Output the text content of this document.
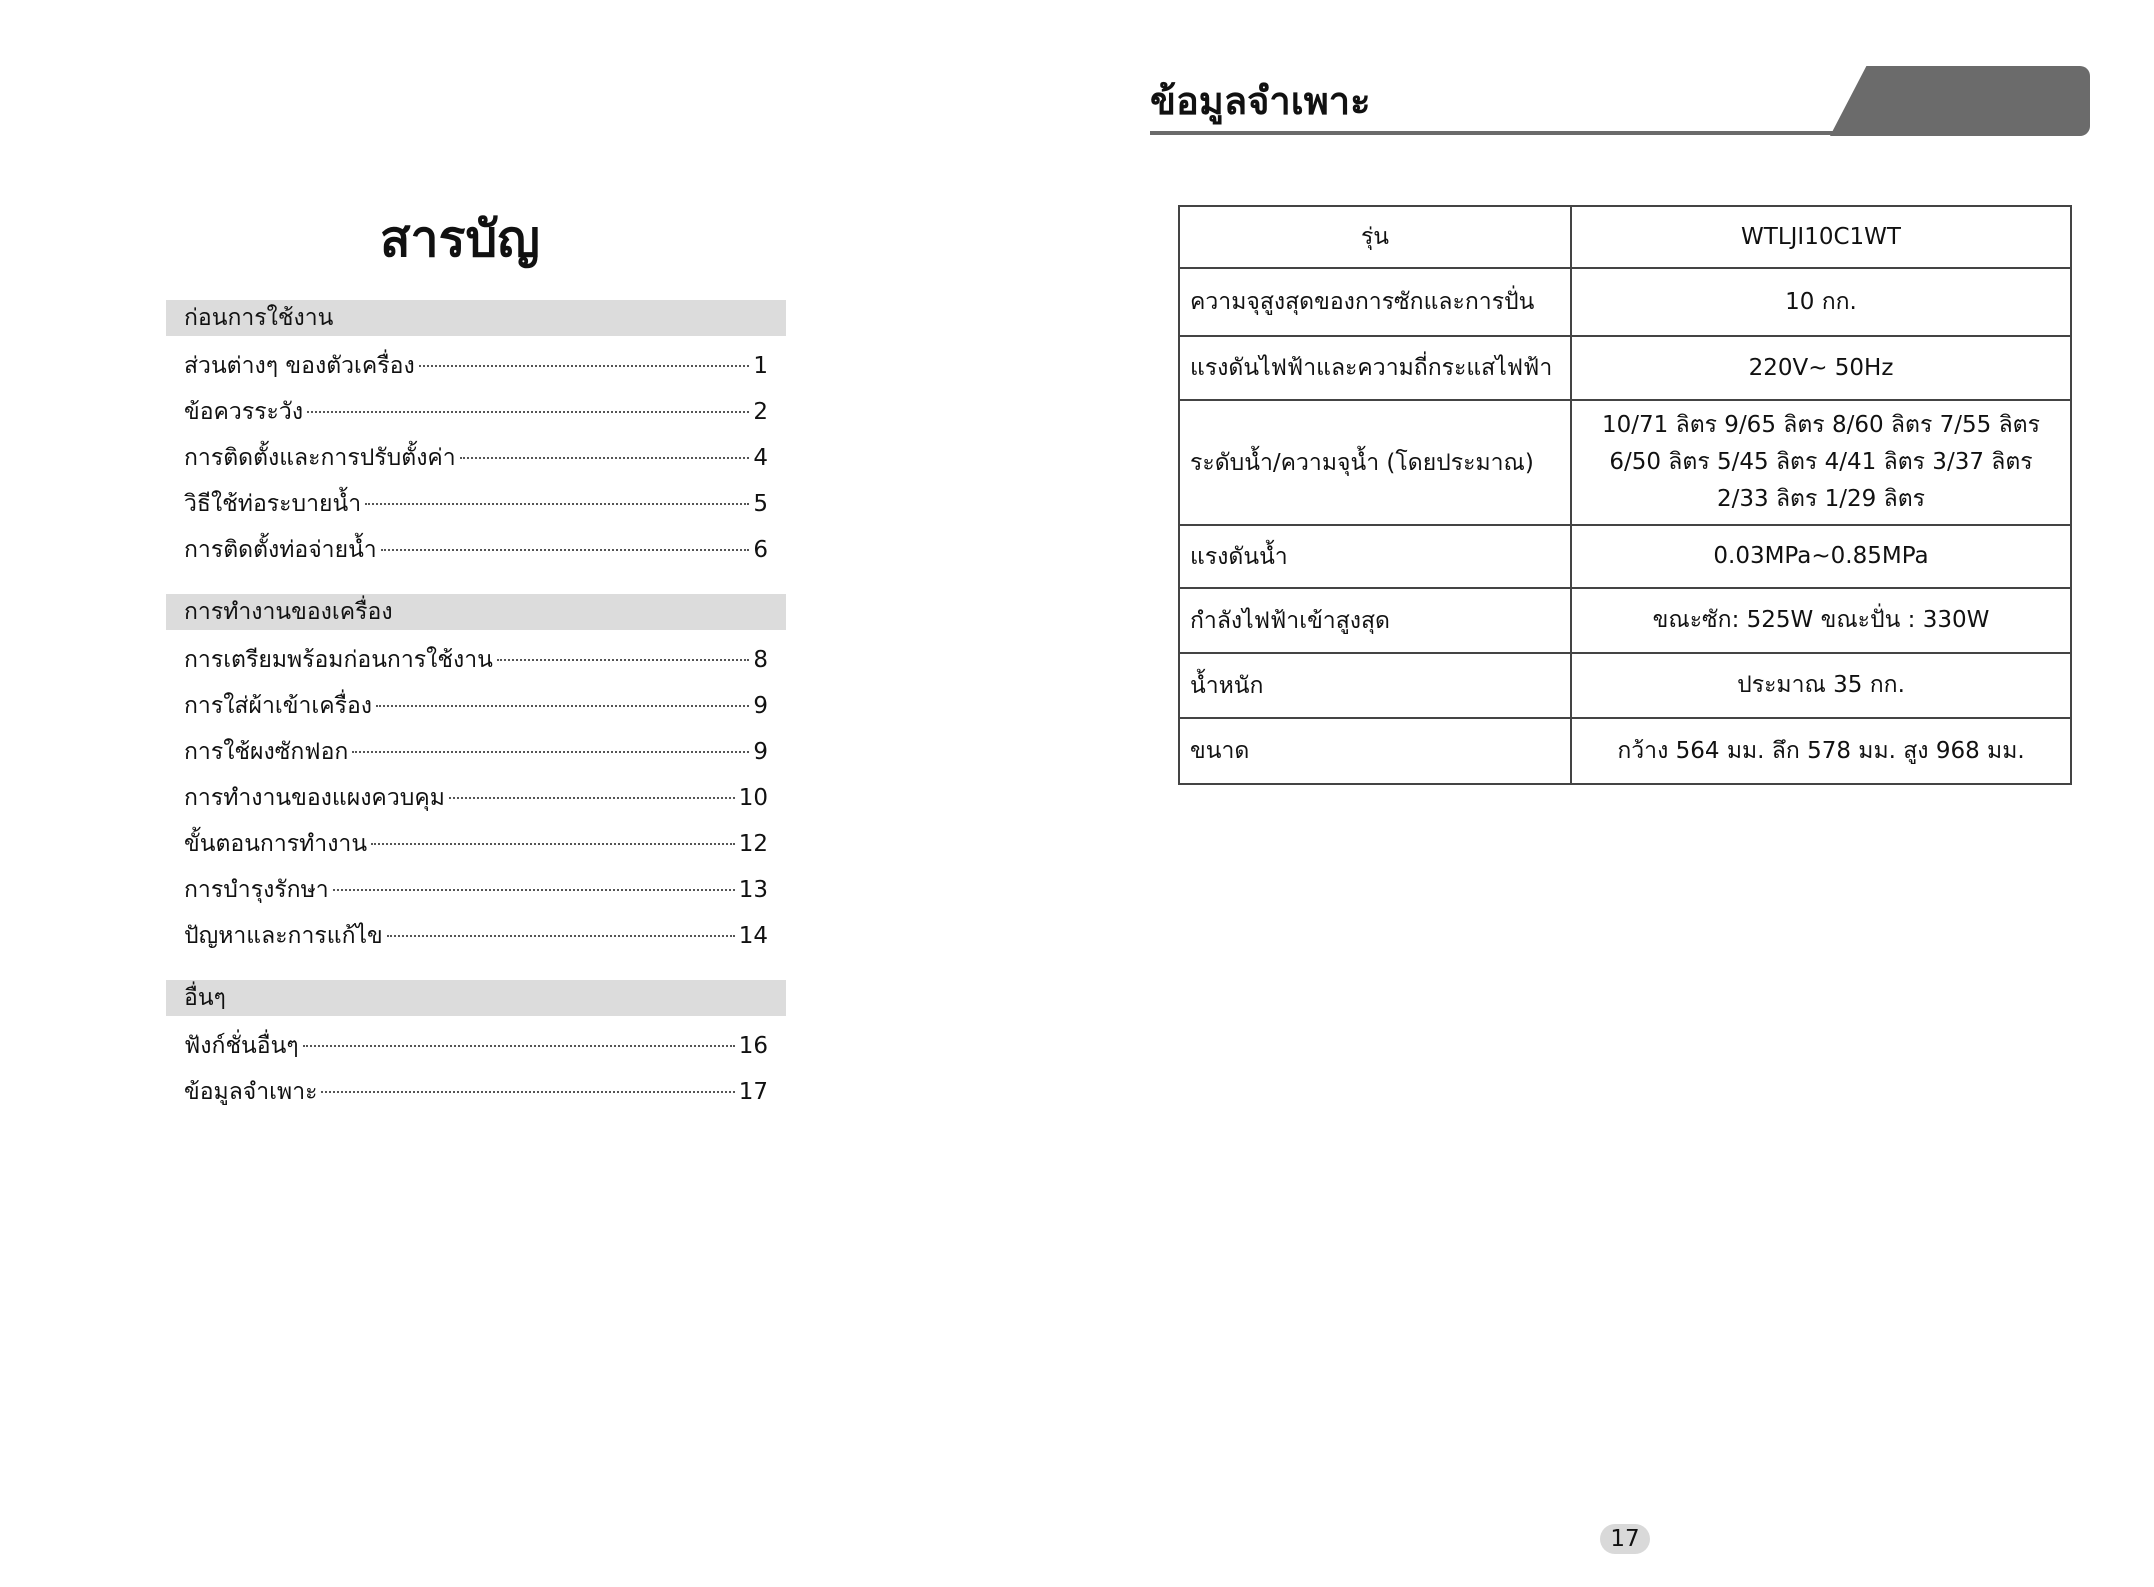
สารบัญ
ก่อนการใช้งาน
ส่วนต่างๆ ของตัวเครื่อง	1
ข้อควรระวัง	2
การติดตั้งและการปรับตั้งค่า	4
วิธีใช้ท่อระบายน้ำ	5
การติดตั้งท่อจ่ายน้ำ	6
การทำงานของเครื่อง
การเตรียมพร้อมก่อนการใช้งาน	8
การใส่ผ้าเข้าเครื่อง	9
การใช้ผงซักฟอก	9
การทำงานของแผงควบคุม	10
ขั้นตอนการทำงาน	12
การบำรุงรักษา	13
ปัญหาและการแก้ไข	14
อื่นๆ
ฟังก์ชั่นอื่นๆ	16
ข้อมูลจำเพาะ	17
ข้อมูลจำเพาะ
รุ่น	WTLJI10C1WT
ความจุสูงสุดของการซักและการปั่น	10 กก.
แรงดันไฟฟ้าและความถี่กระแสไฟฟ้า	220V~ 50Hz
ระดับน้ำ/ความจุน้ำ (โดยประมาณ)	10/71 ลิตร 9/65 ลิตร 8/60 ลิตร 7/55 ลิตร
6/50 ลิตร 5/45 ลิตร 4/41 ลิตร 3/37 ลิตร
2/33 ลิตร 1/29 ลิตร

แรงดันน้ำ	0.03MPa~0.85MPa
กำลังไฟฟ้าเข้าสูงสุด	ขณะซัก: 525W ขณะปั่น : 330W
น้ำหนัก	ประมาณ 35 กก.
ขนาด	กว้าง 564 มม. ลึก 578 มม. สูง 968 มม.
17
